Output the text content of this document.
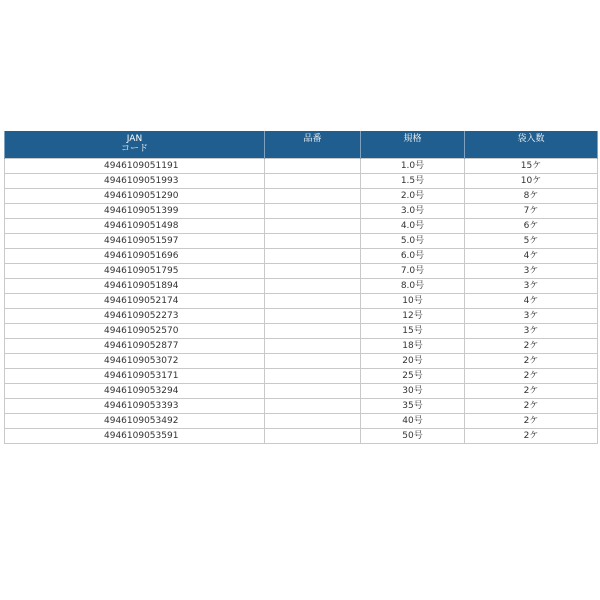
JAN
コード	品番	規格	袋入数

4946109051191		1.0号	15ケ
4946109051993		1.5号	10ケ
4946109051290		2.0号	8ケ
4946109051399		3.0号	7ケ
4946109051498		4.0号	6ケ
4946109051597		5.0号	5ケ
4946109051696		6.0号	4ケ
4946109051795		7.0号	3ケ
4946109051894		8.0号	3ケ
4946109052174		10号	4ケ
4946109052273		12号	3ケ
4946109052570		15号	3ケ
4946109052877		18号	2ケ
4946109053072		20号	2ケ
4946109053171		25号	2ケ
4946109053294		30号	2ケ
4946109053393		35号	2ケ
4946109053492		40号	2ケ
4946109053591		50号	2ケ
